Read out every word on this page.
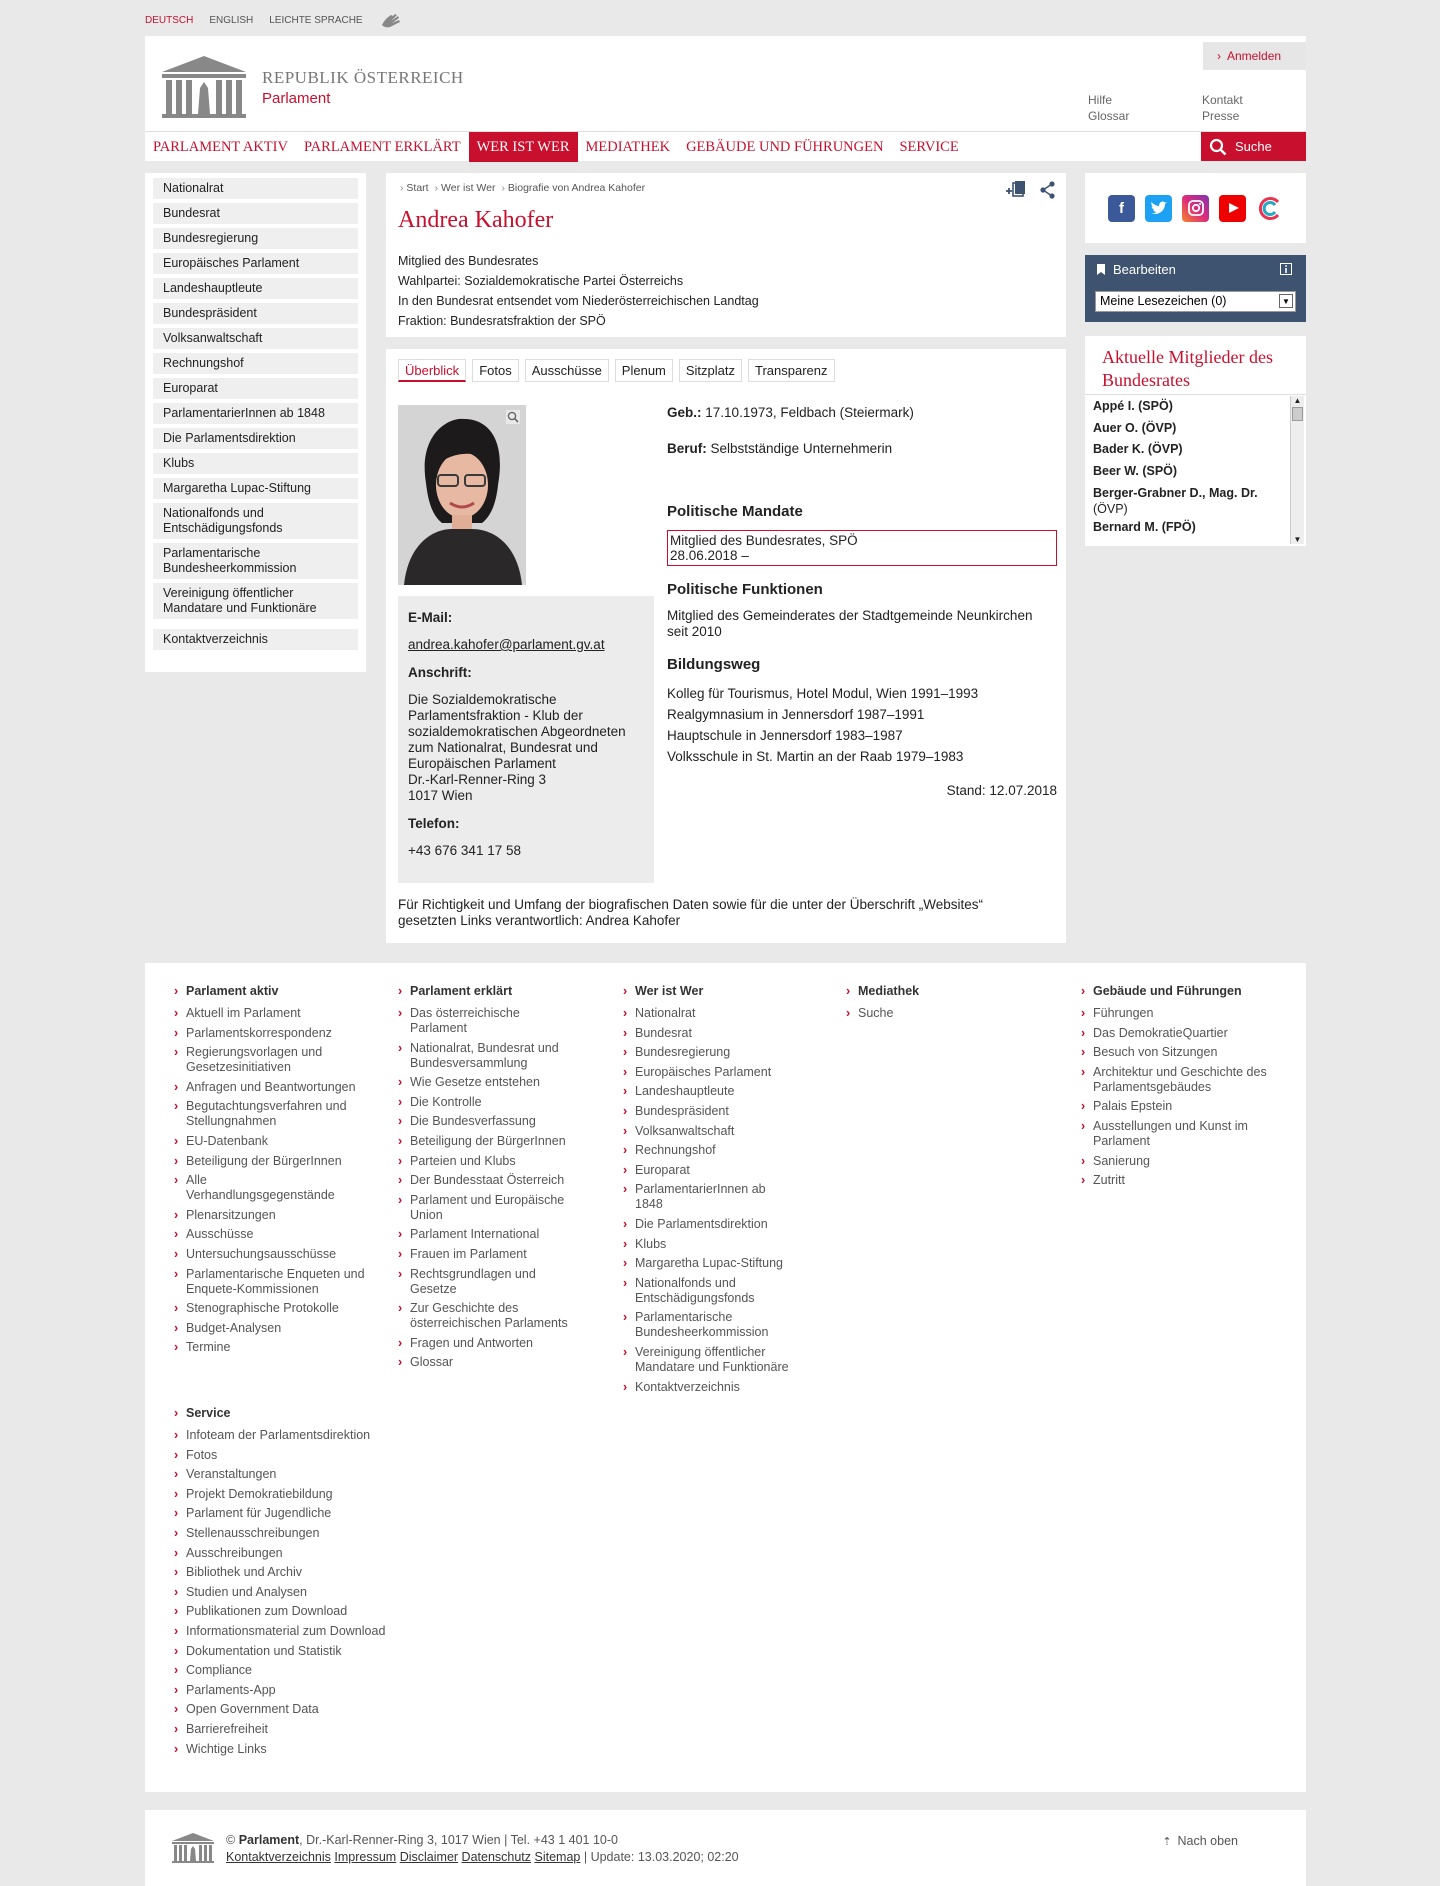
DEUTSCH ENGLISH LEICHTE SPRACHE
REPUBLIK ÖSTERREICH
Parlament
› Anmelden
Hilfe
Glossar
Kontakt
Presse
PARLAMENT AKTIV	PARLAMENT ERKLÄRT	WER IST WER	MEDIATHEK	GEBÄUDE UND FÜHRUNGEN	SERVICE	Suche
Nationalrat
Bundesrat
Bundesregierung
Europäisches Parlament
Landeshauptleute
Bundespräsident
Volksanwaltschaft
Rechnungshof
Europarat
ParlamentarierInnen ab 1848
Die Parlamentsdirektion
Klubs
Margaretha Lupac-Stiftung
Nationalfonds und Entschädigungsfonds
Parlamentarische Bundesheerkommission
Vereinigung öffentlicher Mandatare und Funktionäre
Kontaktverzeichnis
› Start	› Wer ist Wer	› Biografie von Andrea Kahofer
Andrea Kahofer
Mitglied des Bundesrates
Wahlpartei: Sozialdemokratische Partei Österreichs
In den Bundesrat entsendet vom Niederösterreichischen Landtag
Fraktion: Bundesratsfraktion der SPÖ
Überblick	Fotos	Ausschüsse	Plenum	Sitzplatz	Transparenz
E-Mail:
andrea.kahofer@parlament.gv.at
Anschrift:
Die Sozialdemokratische
Parlamentsfraktion - Klub der
sozialdemokratischen Abgeordneten
zum Nationalrat, Bundesrat und
Europäischen Parlament
Dr.-Karl-Renner-Ring 3
1017 Wien
Telefon:
+43 676 341 17 58
Geb.: 17.10.1973, Feldbach (Steiermark)
Beruf: Selbstständige Unternehmerin
Politische Mandate
Mitglied des Bundesrates, SPÖ
28.06.2018 –
Politische Funktionen
Mitglied des Gemeinderates der Stadtgemeinde Neunkirchen
seit 2010
Bildungsweg
Kolleg für Tourismus, Hotel Modul, Wien 1991–1993
Realgymnasium in Jennersdorf 1987–1991
Hauptschule in Jennersdorf 1983–1987
Volksschule in St. Martin an der Raab 1979–1983
Stand: 12.07.2018
Für Richtigkeit und Umfang der biografischen Daten sowie für die unter der Überschrift „Websites“ gesetzten Links verantwortlich: Andrea Kahofer
f
Bearbeiten
Meine Lesezeichen (0)	▼
Aktuelle Mitglieder des Bundesrates
Appé I. (SPÖ)
Auer O. (ÖVP)
Bader K. (ÖVP)
Beer W. (SPÖ)
Berger-Grabner D., Mag. Dr.
(ÖVP)
Bernard M. (FPÖ)
▲
▼
› Parlament aktiv
› Aktuell im Parlament
› Parlamentskorrespondenz
› Regierungsvorlagen und Gesetzesinitiativen
› Anfragen und Beantwortungen
› Begutachtungsverfahren und Stellungnahmen
› EU-Datenbank
› Beteiligung der BürgerInnen
› Alle Verhandlungsgegenstände
› Plenarsitzungen
› Ausschüsse
› Untersuchungsausschüsse
› Parlamentarische Enqueten und Enquete-Kommissionen
› Stenographische Protokolle
› Budget-Analysen
› Termine
› Parlament erklärt
› Das österreichische Parlament
› Nationalrat, Bundesrat und Bundesversammlung
› Wie Gesetze entstehen
› Die Kontrolle
› Die Bundesverfassung
› Beteiligung der BürgerInnen
› Parteien und Klubs
› Der Bundesstaat Österreich
› Parlament und Europäische Union
› Parlament International
› Frauen im Parlament
› Rechtsgrundlagen und Gesetze
› Zur Geschichte des österreichischen Parlaments
› Fragen und Antworten
› Glossar
› Wer ist Wer
› Nationalrat
› Bundesrat
› Bundesregierung
› Europäisches Parlament
› Landeshauptleute
› Bundespräsident
› Volksanwaltschaft
› Rechnungshof
› Europarat
› ParlamentarierInnen ab 1848
› Die Parlamentsdirektion
› Klubs
› Margaretha Lupac-Stiftung
› Nationalfonds und Entschädigungsfonds
› Parlamentarische Bundesheerkommission
› Vereinigung öffentlicher Mandatare und Funktionäre
› Kontaktverzeichnis
› Mediathek
› Suche
› Gebäude und Führungen
› Führungen
› Das DemokratieQuartier
› Besuch von Sitzungen
› Architektur und Geschichte des Parlamentsgebäudes
› Palais Epstein
› Ausstellungen und Kunst im Parlament
› Sanierung
› Zutritt
› Service
› Infoteam der Parlamentsdirektion
› Fotos
› Veranstaltungen
› Projekt Demokratiebildung
› Parlament für Jugendliche
› Stellenausschreibungen
› Ausschreibungen
› Bibliothek und Archiv
› Studien und Analysen
› Publikationen zum Download
› Informationsmaterial zum Download
› Dokumentation und Statistik
› Compliance
› Parlaments-App
› Open Government Data
› Barrierefreiheit
› Wichtige Links
© Parlament, Dr.-Karl-Renner-Ring 3, 1017 Wien | Tel. +43 1 401 10-0
Kontaktverzeichnis Impressum Disclaimer Datenschutz Sitemap | Update: 13.03.2020; 02:20
⇡ Nach oben
